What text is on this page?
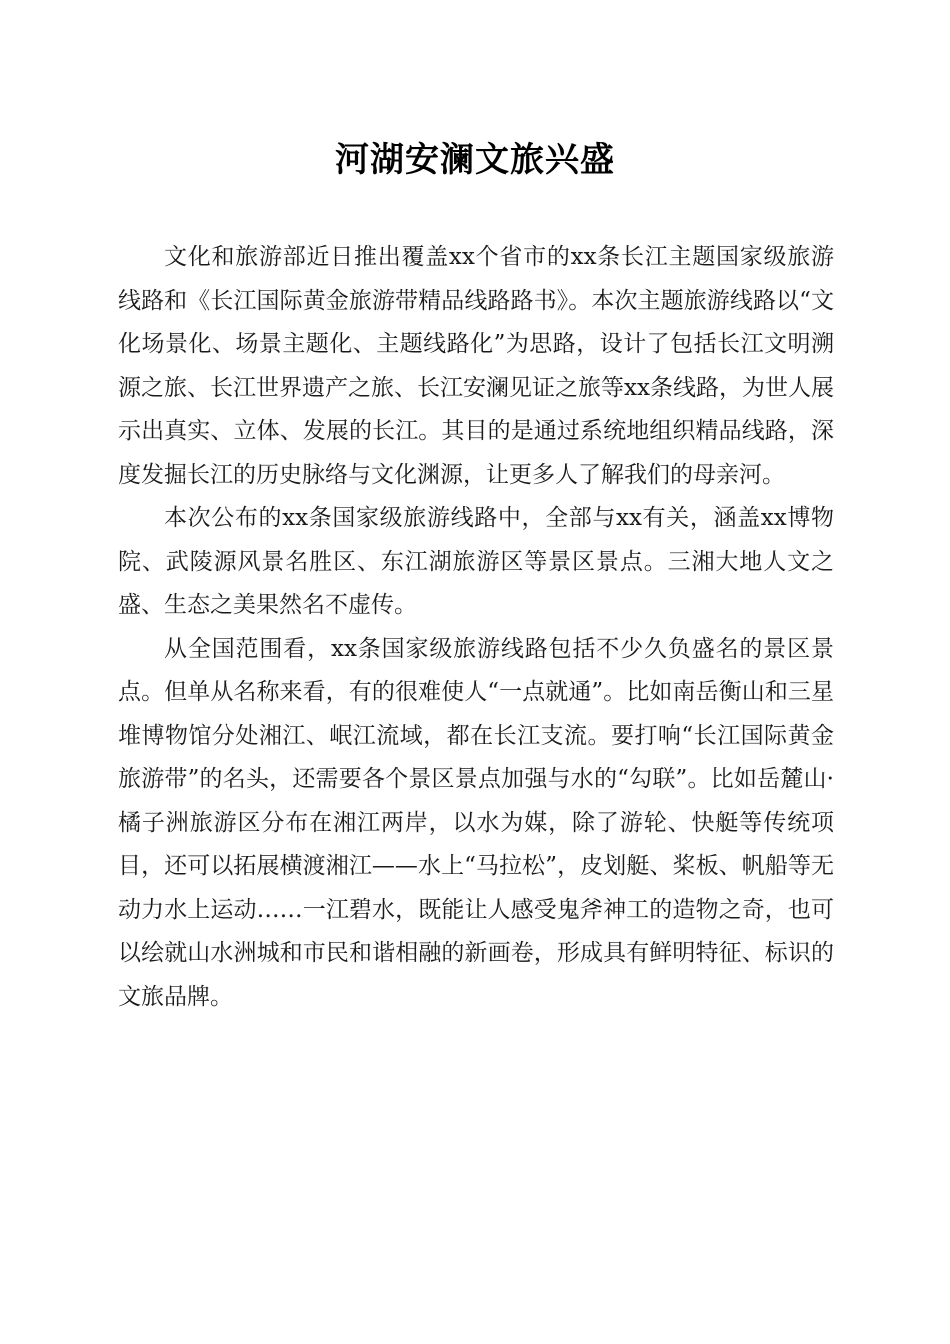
河湖安澜文旅兴盛

文化和旅游部近日推出覆盖xx个省市的xx条长江主题国家级旅游线路和《长江国际黄金旅游带精品线路路书》。本次主题旅游线路以“文化场景化、场景主题化、主题线路化”为思路，设计了包括长江文明溯源之旅、长江世界遗产之旅、长江安澜见证之旅等xx条线路，为世人展示出真实、立体、发展的长江。其目的是通过系统地组织精品线路，深度发掘长江的历史脉络与文化渊源，让更多人了解我们的母亲河。

本次公布的xx条国家级旅游线路中，全部与xx有关，涵盖xx博物院、武陵源风景名胜区、东江湖旅游区等景区景点。三湘大地人文之盛、生态之美果然名不虚传。

从全国范围看，xx条国家级旅游线路包括不少久负盛名的景区景点。但单从名称来看，有的很难使人“一点就通”。比如南岳衡山和三星堆博物馆分处湘江、岷江流域，都在长江支流。要打响“长江国际黄金旅游带”的名头，还需要各个景区景点加强与水的“勾联”。比如岳麓山·橘子洲旅游区分布在湘江两岸，以水为媒，除了游轮、快艇等传统项目，还可以拓展横渡湘江——水上“马拉松”，皮划艇、桨板、帆船等无动力水上运动……一江碧水，既能让人感受鬼斧神工的造物之奇，也可以绘就山水洲城和市民和谐相融的新画卷，形成具有鲜明特征、标识的文旅品牌。
